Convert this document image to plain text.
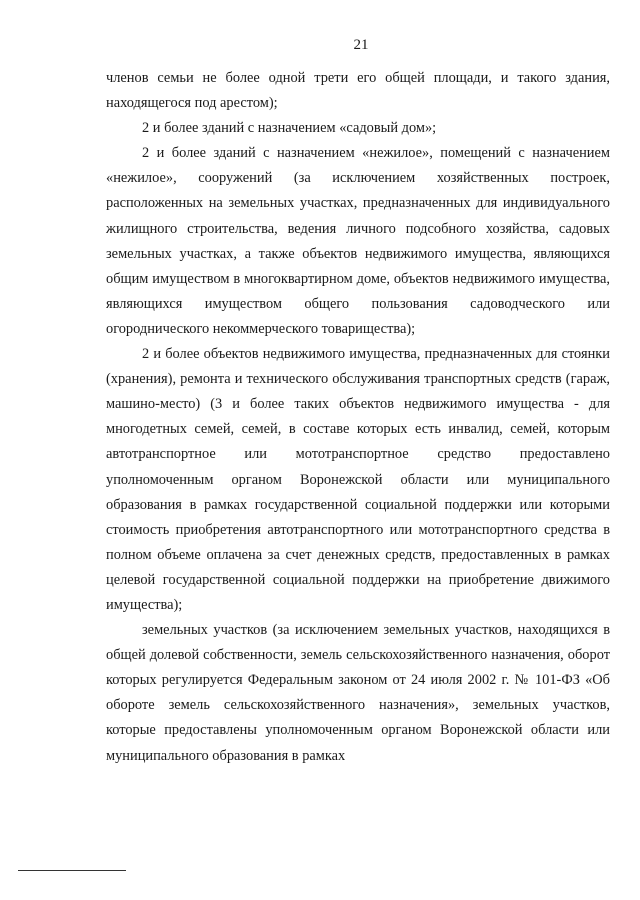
21

членов семьи не более одной трети его общей площади, и такого здания, находящегося под арестом);

2 и более зданий с назначением «садовый дом»;

2 и более зданий с назначением «нежилое», помещений с назначением «нежилое», сооружений (за исключением хозяйственных построек, расположенных на земельных участках, предназначенных для индивидуального жилищного строительства, ведения личного подсобного хозяйства, садовых земельных участках, а также объектов недвижимого имущества, являющихся общим имуществом в многоквартирном доме, объектов недвижимого имущества, являющихся имуществом общего пользования садоводческого или огороднического некоммерческого товарищества);

2 и более объектов недвижимого имущества, предназначенных для стоянки (хранения), ремонта и технического обслуживания транспортных средств (гараж, машино-место) (3 и более таких объектов недвижимого имущества - для многодетных семей, семей, в составе которых есть инвалид, семей, которым автотранспортное или мототранспортное средство предоставлено уполномоченным органом Воронежской области или муниципального образования в рамках государственной социальной поддержки или которыми стоимость приобретения автотранспортного или мототранспортного средства в полном объеме оплачена за счет денежных средств, предоставленных в рамках целевой государственной социальной поддержки на приобретение движимого имущества);

земельных участков (за исключением земельных участков, находящихся в общей долевой собственности, земель сельскохозяйственного назначения, оборот которых регулируется Федеральным законом от 24 июля 2002 г. № 101-ФЗ «Об обороте земель сельскохозяйственного назначения», земельных участков, которые предоставлены уполномоченным органом Воронежской области или муниципального образования в рамках
